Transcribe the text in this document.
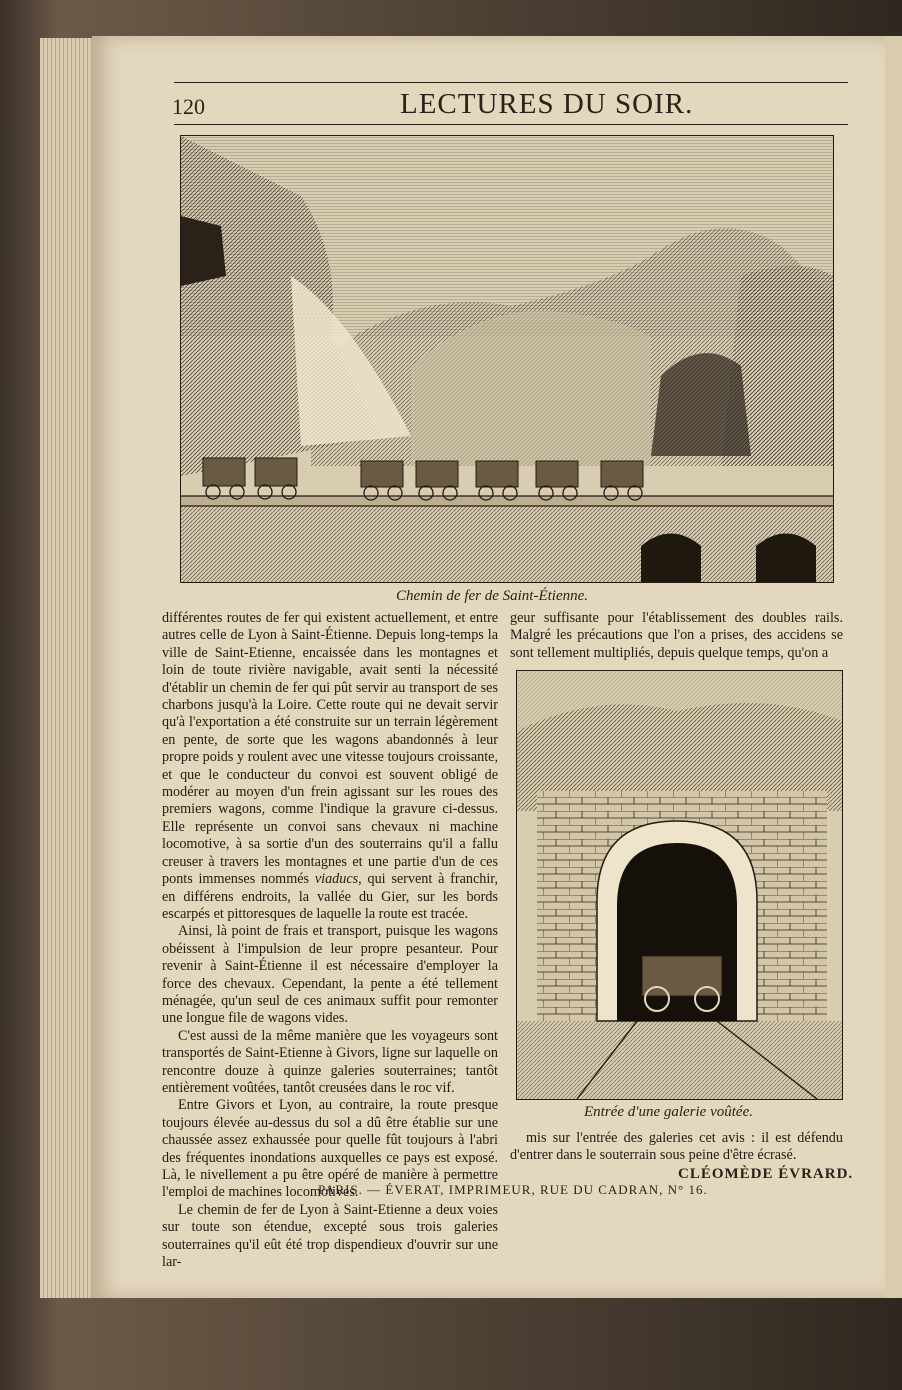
120	LECTURES DU SOIR.
Chemin de fer de Saint-Étienne.

différentes routes de fer qui existent actuellement, et entre autres celle de Lyon à Saint-Étienne. Depuis long-temps la ville de Saint-Etienne, encaissée dans les montagnes et loin de toute rivière navigable, avait senti la nécessité d'établir un chemin de fer qui pût servir au transport de ses charbons jusqu'à la Loire. Cette route qui ne devait servir qu'à l'exportation a été construite sur un terrain légèrement en pente, de sorte que les wagons abandonnés à leur propre poids y roulent avec une vitesse toujours croissante, et que le conducteur du convoi est souvent obligé de modérer au moyen d'un frein agissant sur les roues des premiers wagons, comme l'indique la gravure ci-dessus. Elle représente un convoi sans chevaux ni machine locomotive, à sa sortie d'un des souterrains qu'il a fallu creuser à travers les montagnes et une partie d'un de ces ponts immenses nommés viaducs, qui servent à franchir, en différens endroits, la vallée du Gier, sur les bords escarpés et pittoresques de laquelle la route est tracée.

Ainsi, là point de frais et transport, puisque les wagons obéissent à l'impulsion de leur propre pesanteur. Pour revenir à Saint-Étienne il est nécessaire d'employer la force des chevaux. Cependant, la pente a été tellement ménagée, qu'un seul de ces animaux suffit pour remonter une longue file de wagons vides.

C'est aussi de la même manière que les voyageurs sont transportés de Saint-Etienne à Givors, ligne sur laquelle on rencontre douze à quinze galeries souterraines; tantôt entièrement voûtées, tantôt creusées dans le roc vif.

Entre Givors et Lyon, au contraire, la route presque toujours élevée au-dessus du sol a dû être établie sur une chaussée assez exhaussée pour quelle fût toujours à l'abri des fréquentes inondations auxquelles ce pays est exposé. Là, le nivellement a pu être opéré de manière à permettre l'emploi de machines locomotives.

Le chemin de fer de Lyon à Saint-Etienne a deux voies sur toute son étendue, excepté sous trois galeries souterraines qu'il eût été trop dispendieux d'ouvrir sur une lar-

geur suffisante pour l'établissement des doubles rails. Malgré les précautions que l'on a prises, des accidens se sont tellement multipliés, depuis quelque temps, qu'on a

Entrée d'une galerie voûtée.

mis sur l'entrée des galeries cet avis : il est défendu d'entrer dans le souterrain sous peine d'être écrasé.

CLÉOMÈDE ÉVRARD.
PARIS. — ÉVERAT, IMPRIMEUR, RUE DU CADRAN, N° 16.
